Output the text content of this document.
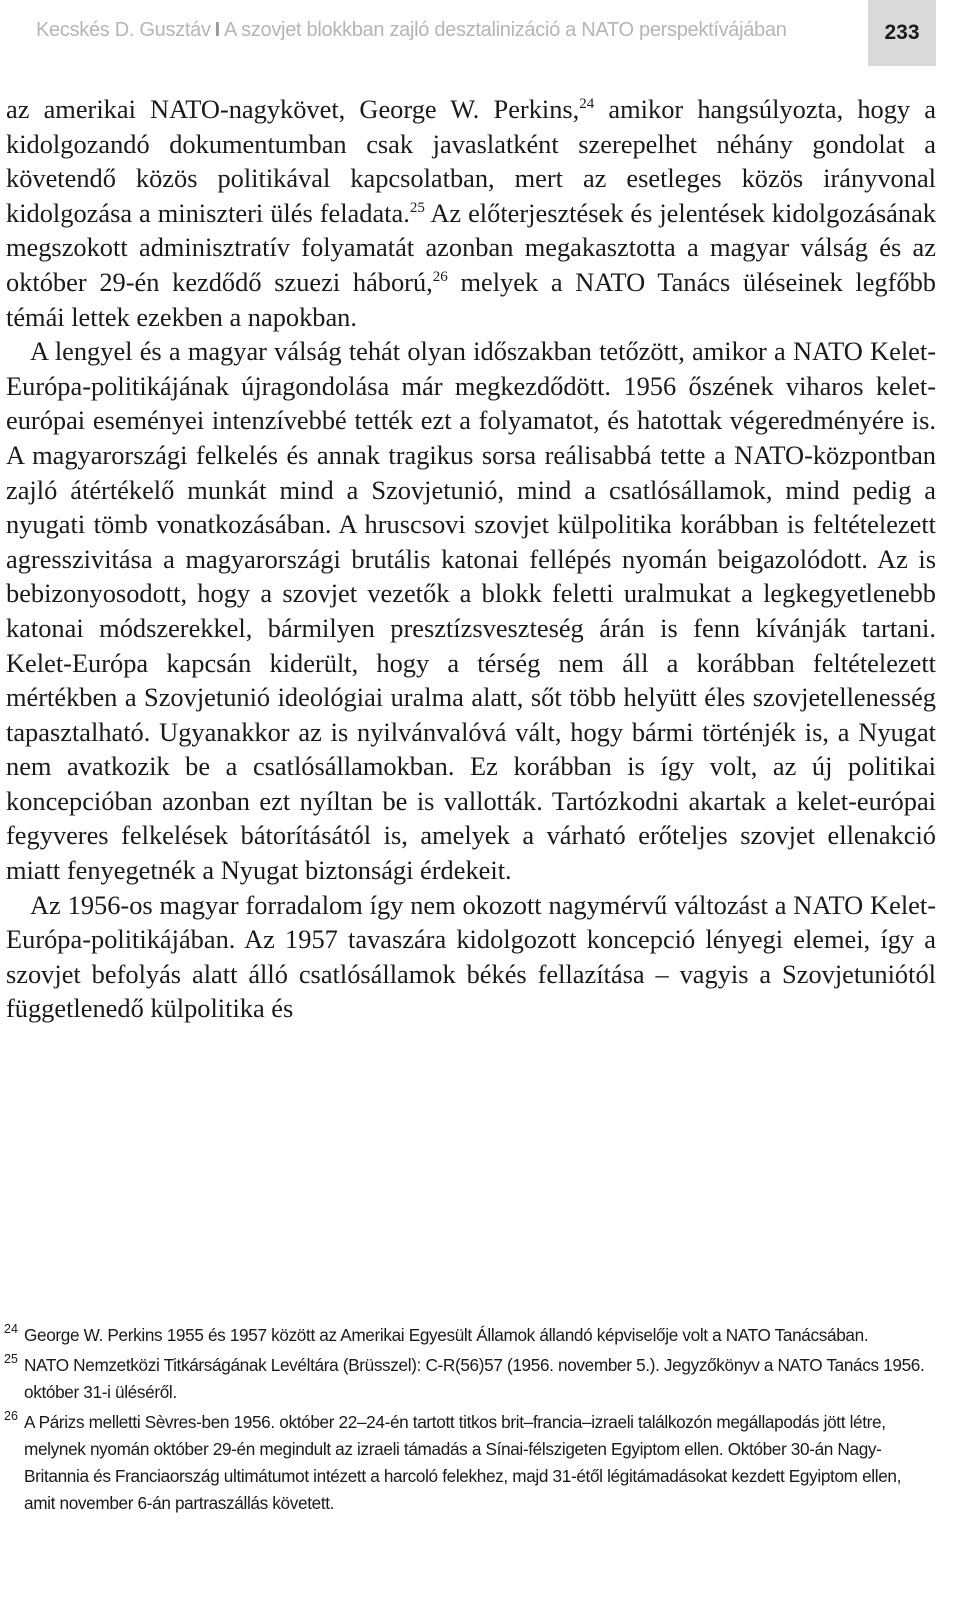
Kecskés D. Gusztáv I A szovjet blokkban zajló desztalinizáció a NATO perspektívájában	233

az amerikai NATO-nagykövet, George W. Perkins,$^{24}$ amikor hangsúlyozta, hogy a kidolgozandó dokumentumban csak javaslatként szerepelhet néhány gondolat a követendő közös politikával kapcsolatban, mert az esetleges közös irányvonal kidolgozása a miniszteri ülés feladata.$^{25}$ Az előterjesztések és jelentések kidolgozásának megszokott adminisztratív folyamatát azonban megakasztotta a magyar válság és az október 29-én kezdődő szuezi háború,$^{26}$ melyek a NATO Tanács üléseinek legfőbb témái lettek ezekben a napokban.

A lengyel és a magyar válság tehát olyan időszakban tetőzött, amikor a NATO Kelet-Európa-politikájának újragondolása már megkezdődött. 1956 őszének viharos kelet-európai eseményei intenzívebbé tették ezt a folyamatot, és hatottak végeredményére is. A magyarországi felkelés és annak tragikus sorsa reálisabbá tette a NATO-központban zajló átértékelő munkát mind a Szovjetunió, mind a csatlósállamok, mind pedig a nyugati tömb vonatkozásában. A hruscsovi szovjet külpolitika korábban is feltételezett agresszivitása a magyarországi brutális katonai fellépés nyomán beigazolódott. Az is bebizonyosodott, hogy a szovjet vezetők a blokk feletti uralmukat a legkegyetlenebb katonai módszerekkel, bármilyen presztízsveszteség árán is fenn kívánják tartani. Kelet-Európa kapcsán kiderült, hogy a térség nem áll a korábban feltételezett mértékben a Szovjetunió ideológiai uralma alatt, sőt több helyütt éles szovjetellenesség tapasztalható. Ugyanakkor az is nyilvánvalóvá vált, hogy bármi történjék is, a Nyugat nem avatkozik be a csatlósállamokban. Ez korábban is így volt, az új politikai koncepcióban azonban ezt nyíltan be is vallották. Tartózkodni akartak a kelet-európai fegyveres felkelések bátorításától is, amelyek a várható erőteljes szovjet ellenakció miatt fenyegetnék a Nyugat biztonsági érdekeit.

Az 1956-os magyar forradalom így nem okozott nagymérvű változást a NATO Kelet-Európa-politikájában. Az 1957 tavaszára kidolgozott koncepció lényegi elemei, így a szovjet befolyás alatt álló csatlósállamok békés fellazítása – vagyis a Szovjetuniótól függetlenedő külpolitika és

24 George W. Perkins 1955 és 1957 között az Amerikai Egyesült Államok állandó képviselője volt a NATO Tanácsában.
25 NATO Nemzetközi Titkárságának Levéltára (Brüsszel): C-R(56)57 (1956. november 5.). Jegyzőkönyv a NATO Tanács 1956. október 31-i üléséről.
26 A Párizs melletti Sèvres-ben 1956. október 22–24-én tartott titkos brit–francia–izraeli találkozón megállapodás jött létre, melynek nyomán október 29-én megindult az izraeli támadás a Sínai-félszigeten Egyiptom ellen. Október 30-án Nagy-Britannia és Franciaország ultimátumot intézett a harcoló felekhez, majd 31-étől légitámadásokat kezdett Egyiptom ellen, amit november 6-án partraszállás követett.
